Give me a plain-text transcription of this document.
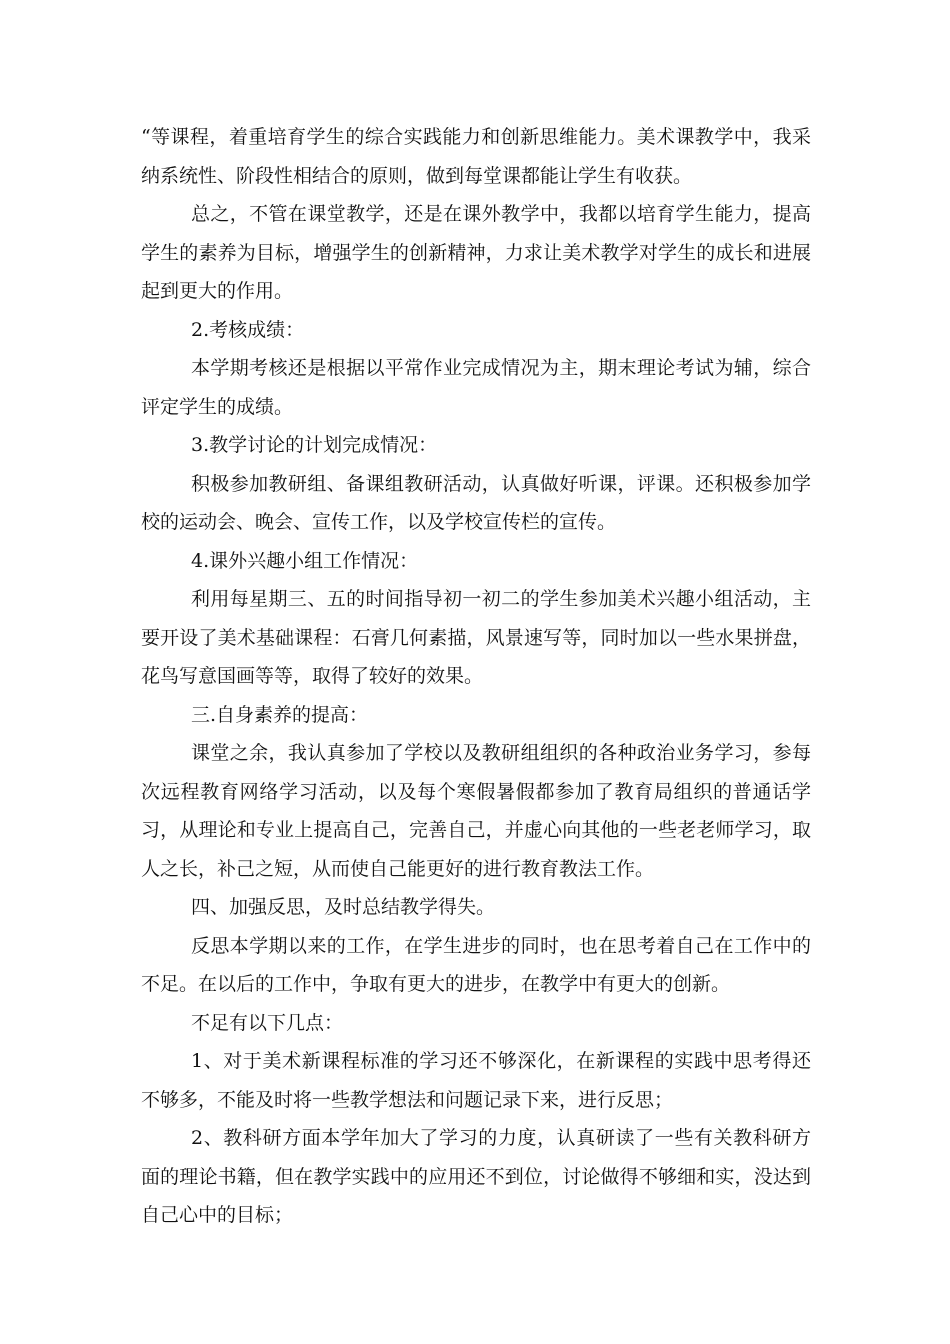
“等课程，着重培育学生的综合实践能力和创新思维能力。美术课教学中，我采纳系统性、阶段性相结合的原则，做到每堂课都能让学生有收获。

总之，不管在课堂教学，还是在课外教学中，我都以培育学生能力，提高学生的素养为目标，增强学生的创新精神，力求让美术教学对学生的成长和进展起到更大的作用。

2.考核成绩：

本学期考核还是根据以平常作业完成情况为主，期末理论考试为辅，综合评定学生的成绩。

3.教学讨论的计划完成情况：

积极参加教研组、备课组教研活动，认真做好听课，评课。还积极参加学校的运动会、晚会、宣传工作，以及学校宣传栏的宣传。

4.课外兴趣小组工作情况：

利用每星期三、五的时间指导初一初二的学生参加美术兴趣小组活动，主要开设了美术基础课程：石膏几何素描，风景速写等，同时加以一些水果拼盘，花鸟写意国画等等，取得了较好的效果。

三.自身素养的提高：

课堂之余，我认真参加了学校以及教研组组织的各种政治业务学习，参每次远程教育网络学习活动，以及每个寒假暑假都参加了教育局组织的普通话学习，从理论和专业上提高自己，完善自己，并虚心向其他的一些老老师学习，取人之长，补己之短，从而使自己能更好的进行教育教法工作。

四、加强反思，及时总结教学得失。

反思本学期以来的工作，在学生进步的同时，也在思考着自己在工作中的不足。在以后的工作中，争取有更大的进步，在教学中有更大的创新。

不足有以下几点：

1、对于美术新课程标准的学习还不够深化，在新课程的实践中思考得还不够多，不能及时将一些教学想法和问题记录下来，进行反思；

2、教科研方面本学年加大了学习的力度，认真研读了一些有关教科研方面的理论书籍，但在教学实践中的应用还不到位，讨论做得不够细和实，没达到自己心中的目标；
